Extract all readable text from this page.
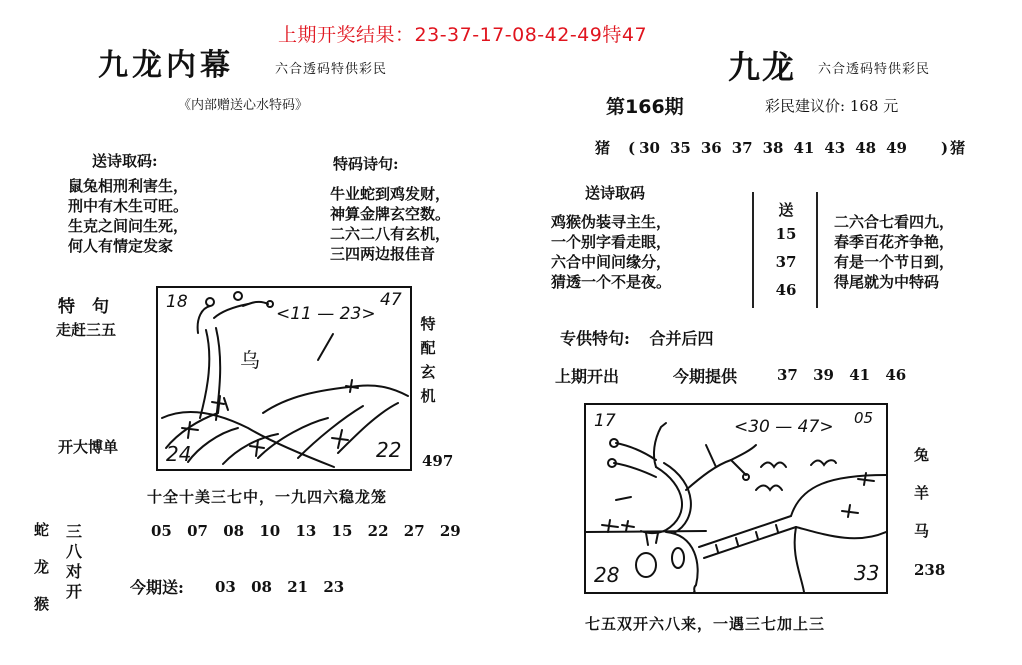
上期开奖结果：23-37-17-08-42-49特47
九龙内幕	六合透码特供彩民
《内部赠送心水特码》
送诗取码:
鼠兔相刑利害生，
刑中有木生可旺。
生克之间问生死，
何人有情定发家
特码诗句:
牛业蛇到鸡发财，
神算金牌玄空数。
二六二八有玄机，
三四两边报佳音
特　句
走赶三五
开大博单
18	47
24	22
<11 — 23>
乌
特
配
玄
机
497
十全十美三七中，一九四六稳龙笼
05 07 08 10 13 15 22 27 29
蛇
龙
猴
三
八
对
开	今期送: 03 08 21 23
九龙 六合透码特供彩民
第166期	彩民建议价: 168 元
猪 ( 30 35 36 37 38 41 43 48 49 ) 猪
送诗取码
鸡猴伪装寻主生，
一个别字看走眼，
六合中间问缘分，
猜透一个不是夜。
送
15
37
46
二六合七看四九，
春季百花齐争艳，
有是一个节日到，
得尾就为中特码
专供特句: 合并后四
上期开出	今期提供	37 39 41 46
17	05
28	33
<30 — 47>
兔
羊
马
238
七五双开六八来，一遇三七加上三
